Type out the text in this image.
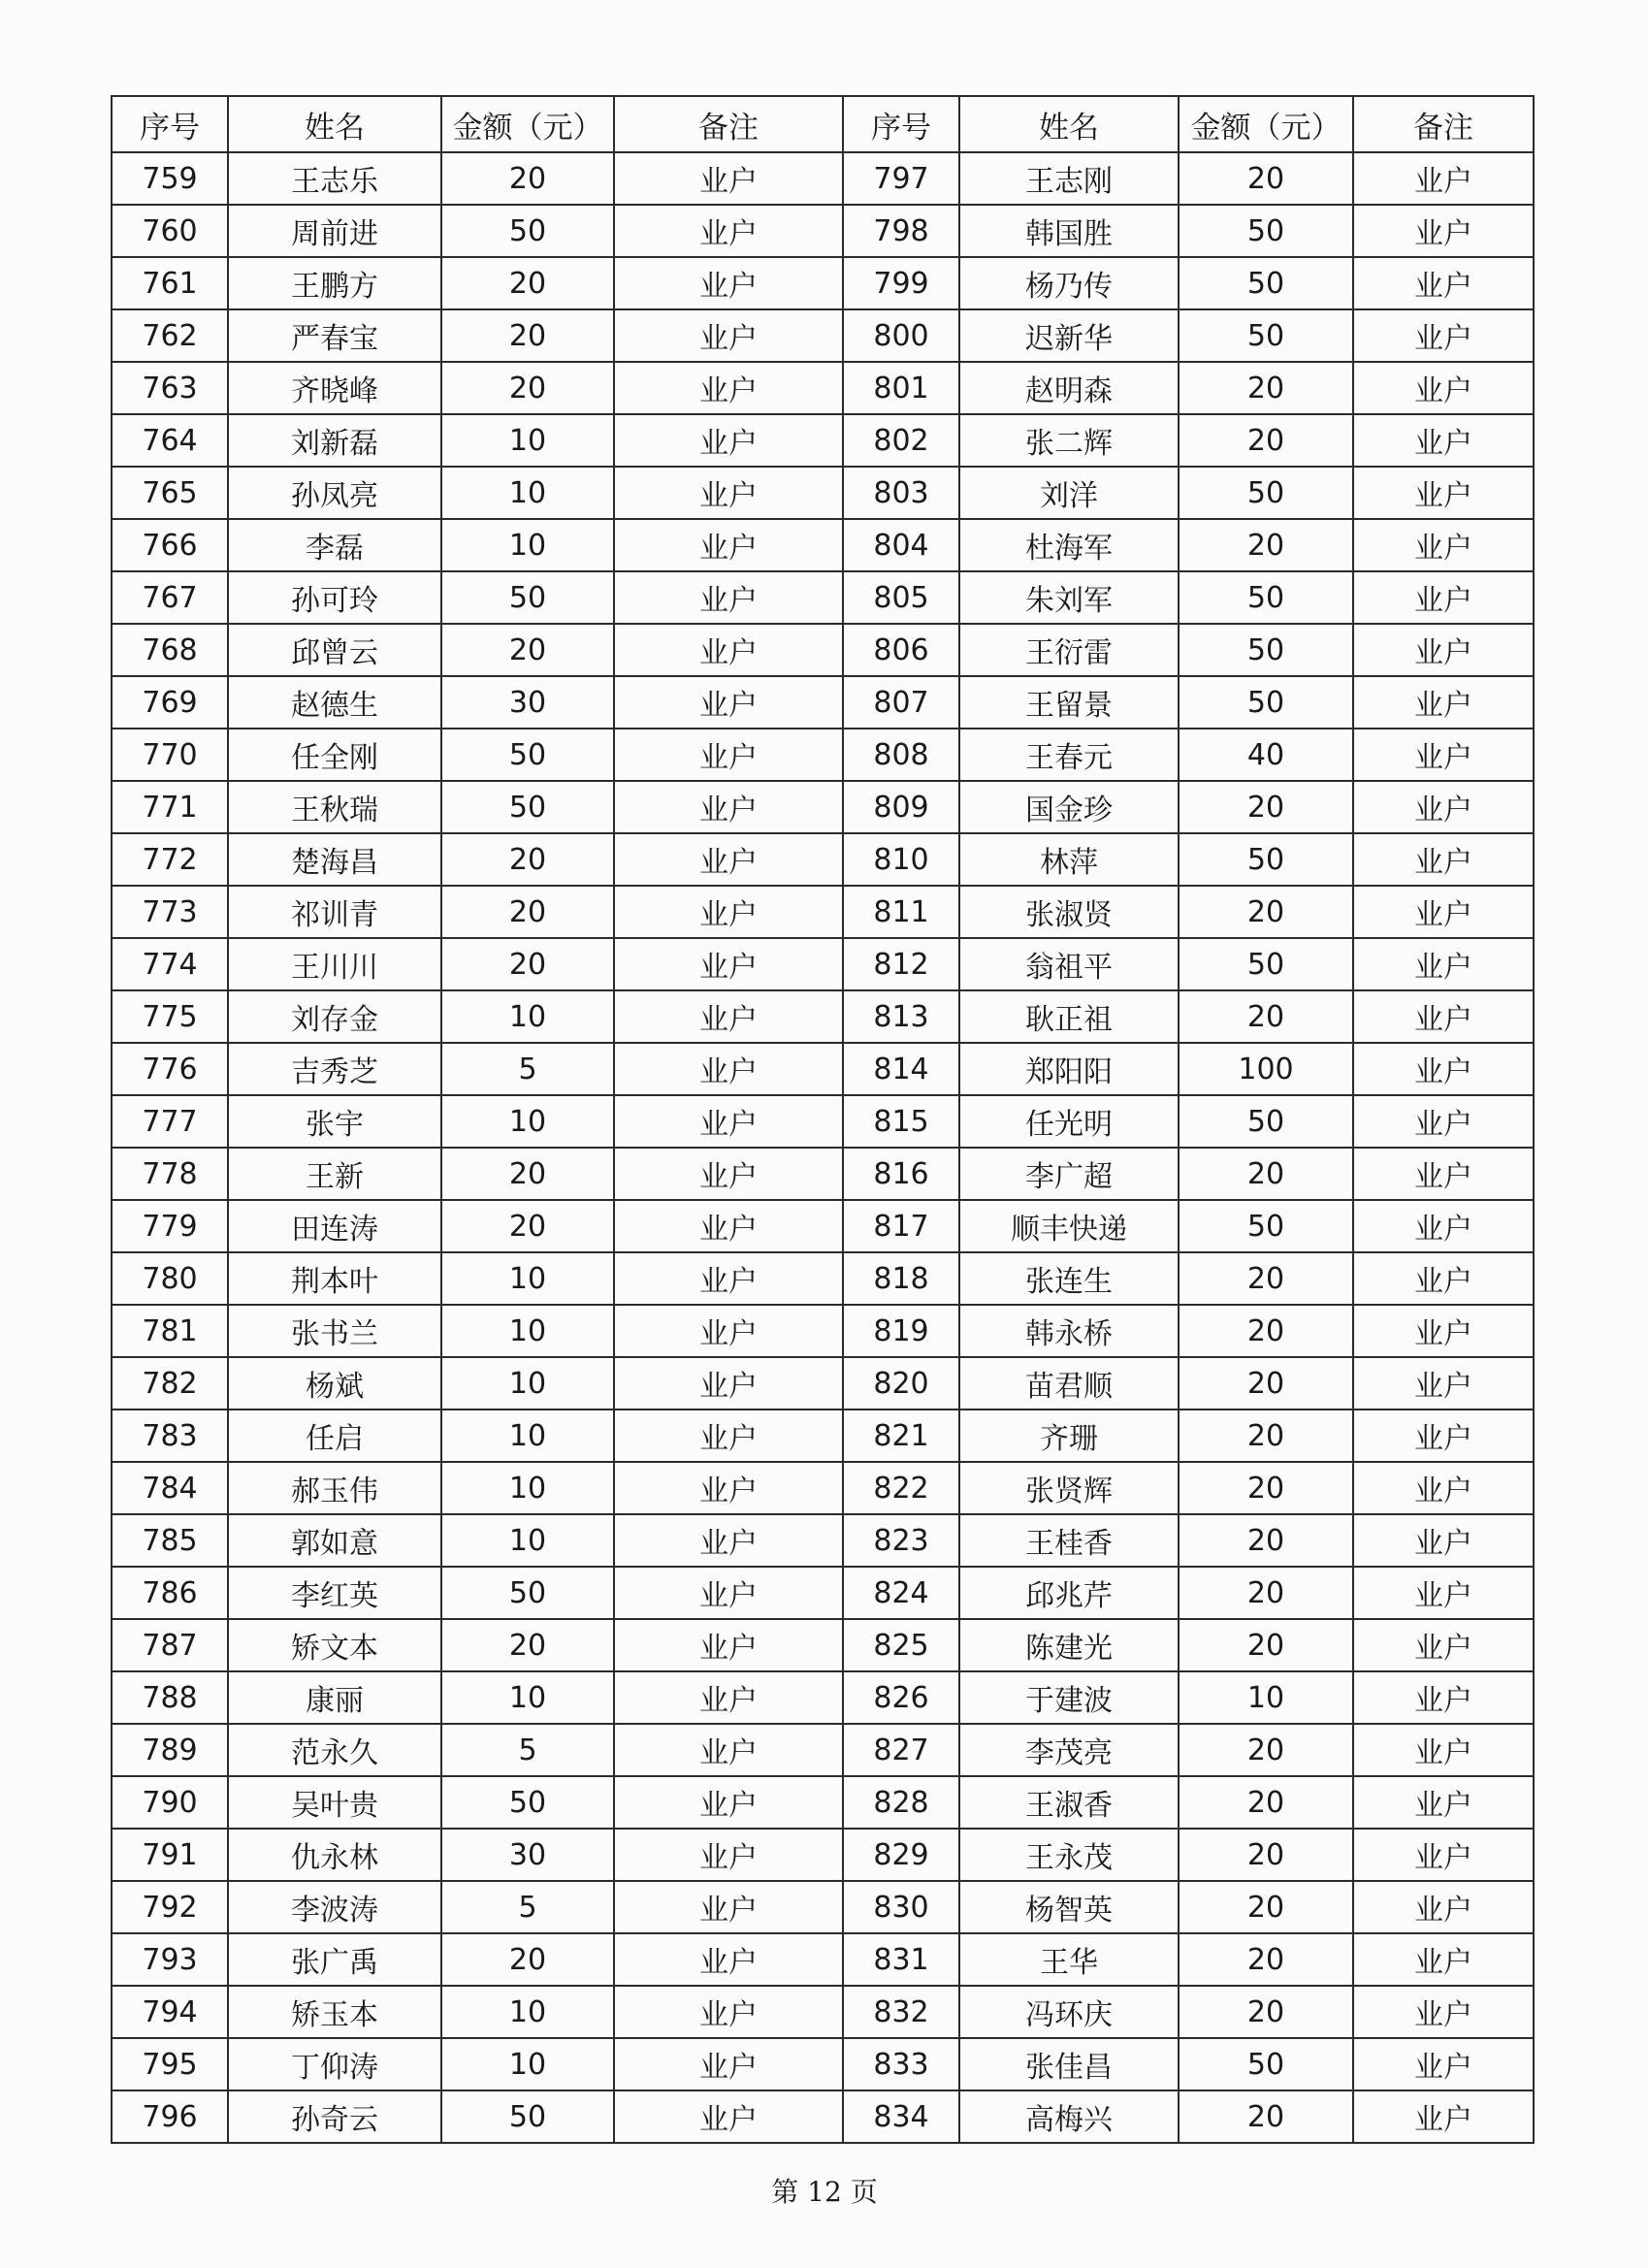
序号	姓名	金额（元）	备注	序号	姓名	金额（元）	备注
759	王志乐	20	业户	797	王志刚	20	业户
760	周前进	50	业户	798	韩国胜	50	业户
761	王鹏方	20	业户	799	杨乃传	50	业户
762	严春宝	20	业户	800	迟新华	50	业户
763	齐晓峰	20	业户	801	赵明森	20	业户
764	刘新磊	10	业户	802	张二辉	20	业户
765	孙凤亮	10	业户	803	刘洋	50	业户
766	李磊	10	业户	804	杜海军	20	业户
767	孙可玲	50	业户	805	朱刘军	50	业户
768	邱曾云	20	业户	806	王衍雷	50	业户
769	赵德生	30	业户	807	王留景	50	业户
770	任全刚	50	业户	808	王春元	40	业户
771	王秋瑞	50	业户	809	国金珍	20	业户
772	楚海昌	20	业户	810	林萍	50	业户
773	祁训青	20	业户	811	张淑贤	20	业户
774	王川川	20	业户	812	翁祖平	50	业户
775	刘存金	10	业户	813	耿正祖	20	业户
776	吉秀芝	5	业户	814	郑阳阳	100	业户
777	张宇	10	业户	815	任光明	50	业户
778	王新	20	业户	816	李广超	20	业户
779	田连涛	20	业户	817	顺丰快递	50	业户
780	荆本叶	10	业户	818	张连生	20	业户
781	张书兰	10	业户	819	韩永桥	20	业户
782	杨斌	10	业户	820	苗君顺	20	业户
783	任启	10	业户	821	齐珊	20	业户
784	郝玉伟	10	业户	822	张贤辉	20	业户
785	郭如意	10	业户	823	王桂香	20	业户
786	李红英	50	业户	824	邱兆芹	20	业户
787	矫文本	20	业户	825	陈建光	20	业户
788	康丽	10	业户	826	于建波	10	业户
789	范永久	5	业户	827	李茂亮	20	业户
790	吴叶贵	50	业户	828	王淑香	20	业户
791	仇永林	30	业户	829	王永茂	20	业户
792	李波涛	5	业户	830	杨智英	20	业户
793	张广禹	20	业户	831	王华	20	业户
794	矫玉本	10	业户	832	冯环庆	20	业户
795	丁仰涛	10	业户	833	张佳昌	50	业户
796	孙奇云	50	业户	834	高梅兴	20	业户
第 12 页
